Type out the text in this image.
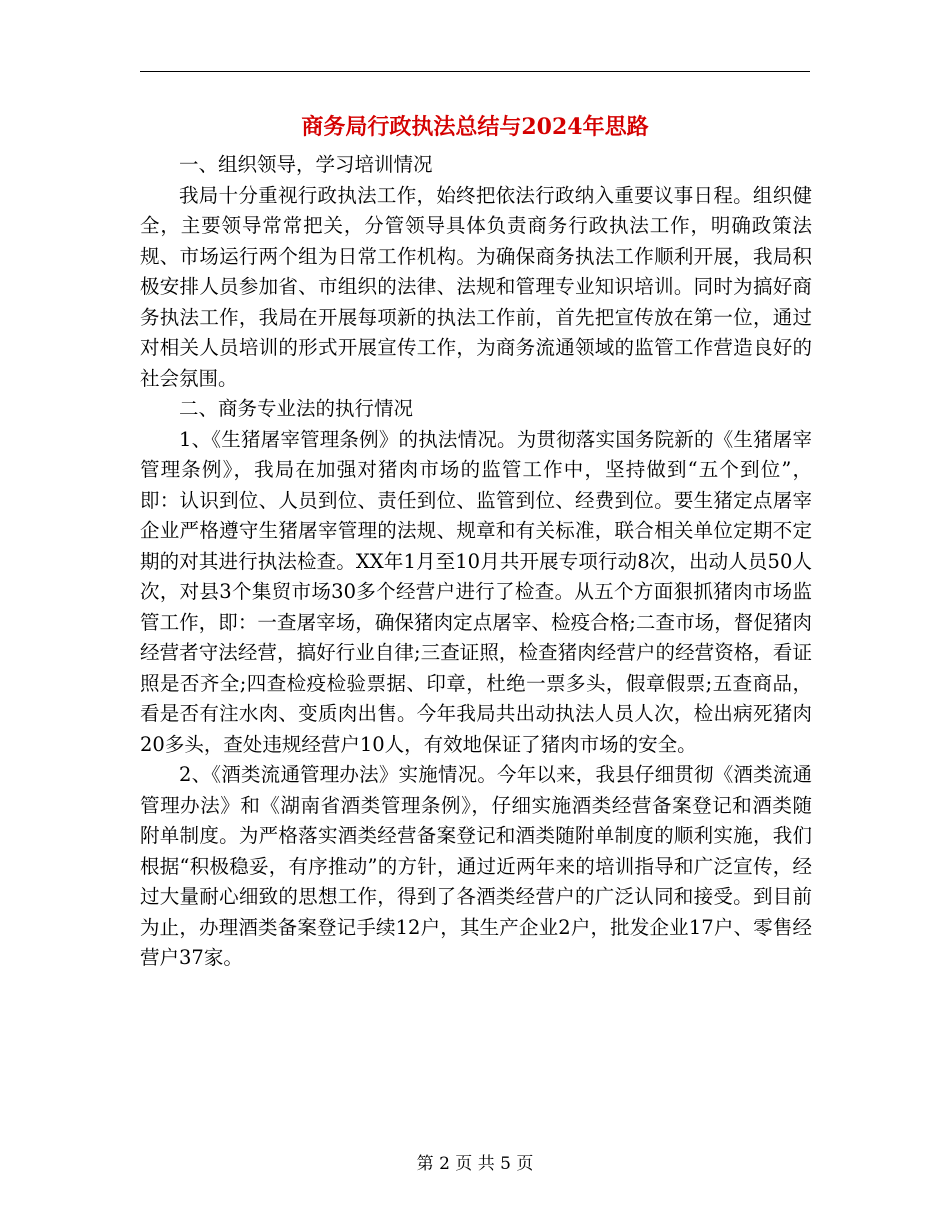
商务局行政执法总结与2024年思路

一、组织领导，学习培训情况

我局十分重视行政执法工作，始终把依法行政纳入重要议事日程。组织健全，主要领导常常把关，分管领导具体负责商务行政执法工作，明确政策法规、市场运行两个组为日常工作机构。为确保商务执法工作顺利开展，我局积极安排人员参加省、市组织的法律、法规和管理专业知识培训。同时为搞好商务执法工作，我局在开展每项新的执法工作前，首先把宣传放在第一位，通过对相关人员培训的形式开展宣传工作，为商务流通领域的监管工作营造良好的社会氛围。

二、商务专业法的执行情况

1、《生猪屠宰管理条例》的执法情况。为贯彻落实国务院新的《生猪屠宰管理条例》，我局在加强对猪肉市场的监管工作中，坚持做到“五个到位”，即：认识到位、人员到位、责任到位、监管到位、经费到位。要生猪定点屠宰企业严格遵守生猪屠宰管理的法规、规章和有关标准，联合相关单位定期不定期的对其进行执法检查。XX年1月至10月共开展专项行动8次，出动人员50人次，对县3个集贸市场30多个经营户进行了检查。从五个方面狠抓猪肉市场监管工作，即：一查屠宰场，确保猪肉定点屠宰、检疫合格;二查市场，督促猪肉经营者守法经营，搞好行业自律;三查证照，检查猪肉经营户的经营资格，看证照是否齐全;四查检疫检验票据、印章，杜绝一票多头，假章假票;五查商品，看是否有注水肉、变质肉出售。今年我局共出动执法人员人次，检出病死猪肉20多头，查处违规经营户10人，有效地保证了猪肉市场的安全。

2、《酒类流通管理办法》实施情况。今年以来，我县仔细贯彻《酒类流通管理办法》和《湖南省酒类管理条例》，仔细实施酒类经营备案登记和酒类随附单制度。为严格落实酒类经营备案登记和酒类随附单制度的顺利实施，我们根据“积极稳妥，有序推动”的方针，通过近两年来的培训指导和广泛宣传，经过大量耐心细致的思想工作，得到了各酒类经营户的广泛认同和接受。到目前为止，办理酒类备案登记手续12户，其生产企业2户，批发企业17户、零售经营户37家。

第 2 页 共 5 页
